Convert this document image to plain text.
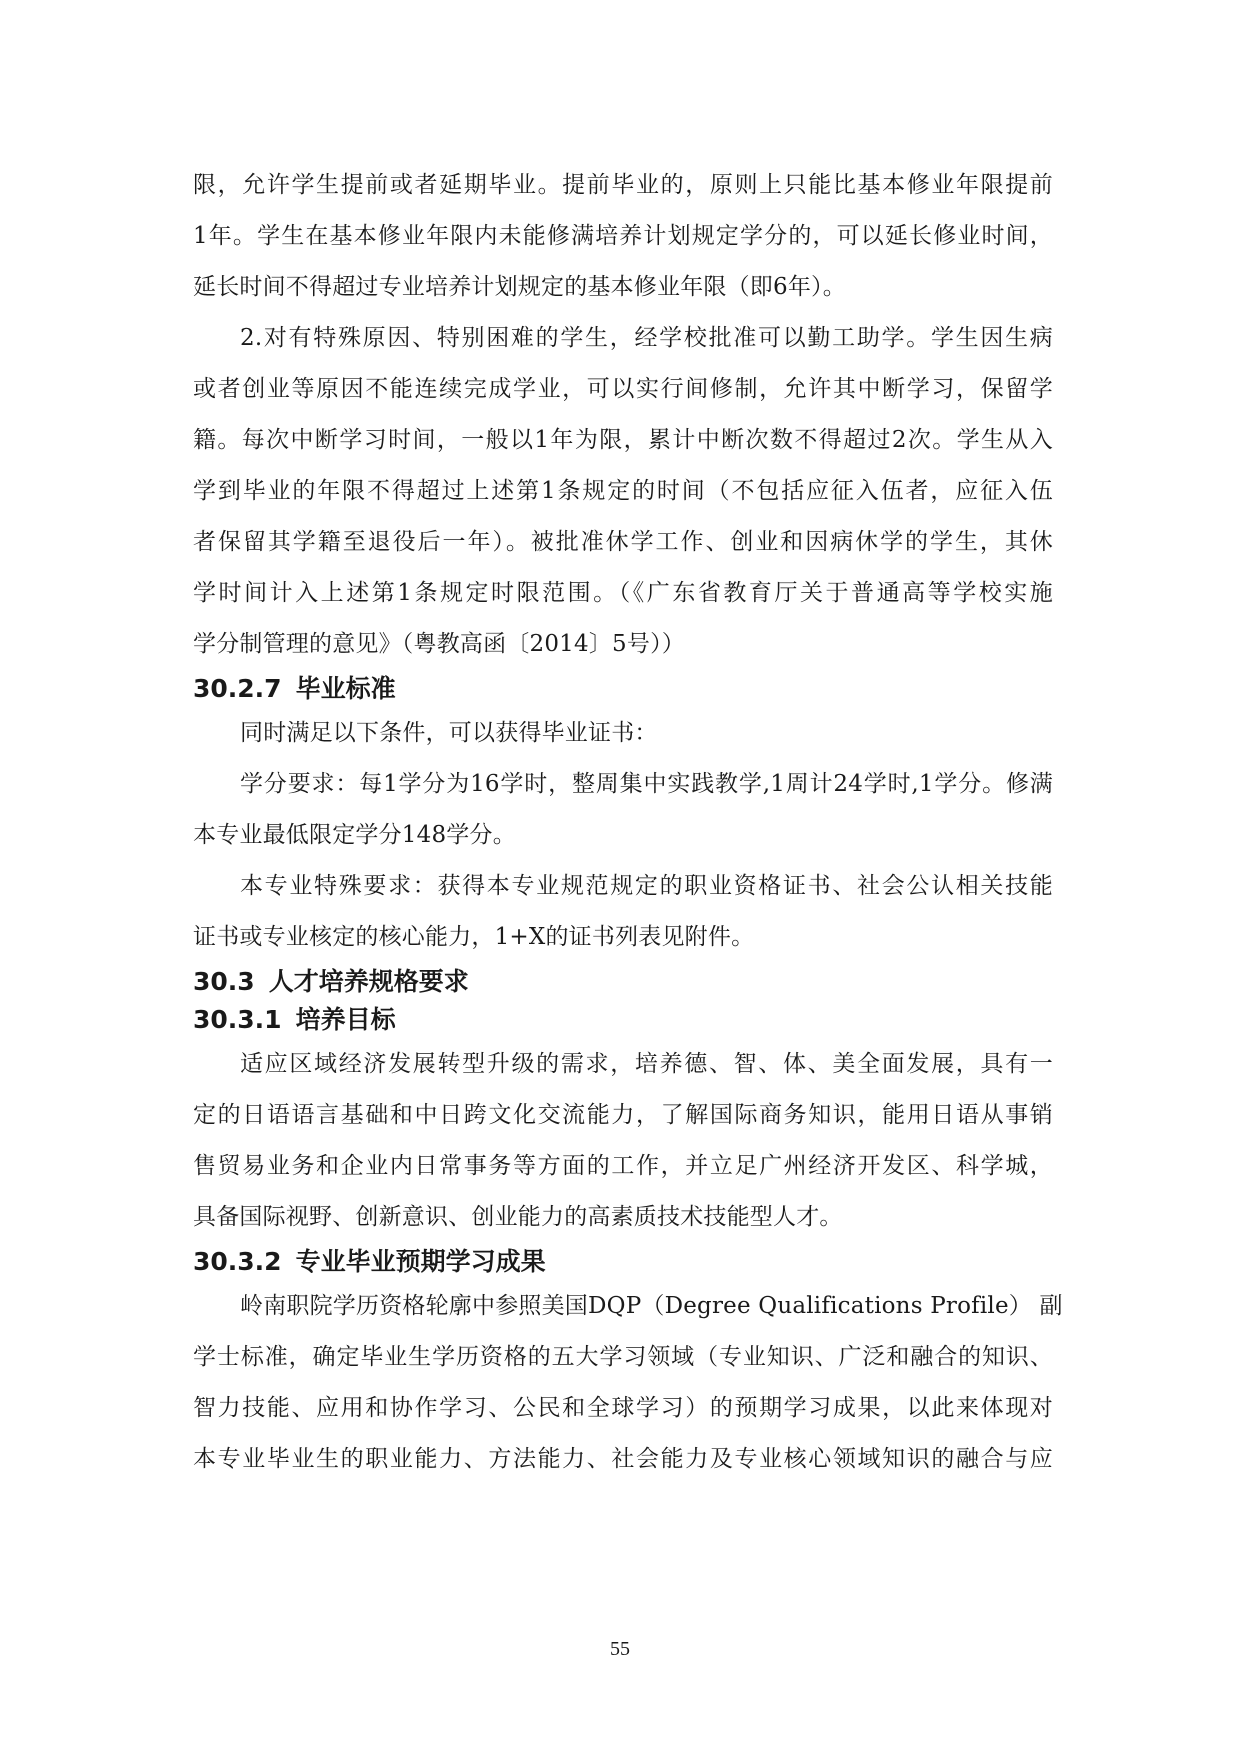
限，允许学生提前或者延期毕业。提前毕业的，原则上只能比基本修业年限提前
1年。学生在基本修业年限内未能修满培养计划规定学分的，可以延长修业时间，
延长时间不得超过专业培养计划规定的基本修业年限（即6年）。
2.对有特殊原因、特别困难的学生，经学校批准可以勤工助学。学生因生病
或者创业等原因不能连续完成学业，可以实行间修制，允许其中断学习，保留学
籍。每次中断学习时间，一般以1年为限，累计中断次数不得超过2次。学生从入
学到毕业的年限不得超过上述第1条规定的时间（不包括应征入伍者，应征入伍
者保留其学籍至退役后一年）。被批准休学工作、创业和因病休学的学生，其休
学时间计入上述第1条规定时限范围。（《广东省教育厅关于普通高等学校实施
学分制管理的意见》（粤教高函〔2014〕5号））
30.2.7 毕业标准
同时满足以下条件，可以获得毕业证书：
学分要求：每1学分为16学时，整周集中实践教学,1周计24学时,1学分。修满
本专业最低限定学分148学分。
本专业特殊要求：获得本专业规范规定的职业资格证书、社会公认相关技能
证书或专业核定的核心能力，1+X的证书列表见附件。
30.3 人才培养规格要求
30.3.1 培养目标
适应区域经济发展转型升级的需求，培养德、智、体、美全面发展，具有一
定的日语语言基础和中日跨文化交流能力，了解国际商务知识，能用日语从事销
售贸易业务和企业内日常事务等方面的工作，并立足广州经济开发区、科学城，
具备国际视野、创新意识、创业能力的高素质技术技能型人才。
30.3.2 专业毕业预期学习成果
岭南职院学历资格轮廓中参照美国DQP（Degree Qualifications Profile） 副
学士标准，确定毕业生学历资格的五大学习领域（专业知识、广泛和融合的知识、
智力技能、应用和协作学习、公民和全球学习）的预期学习成果，以此来体现对
本专业毕业生的职业能力、方法能力、社会能力及专业核心领域知识的融合与应
55
